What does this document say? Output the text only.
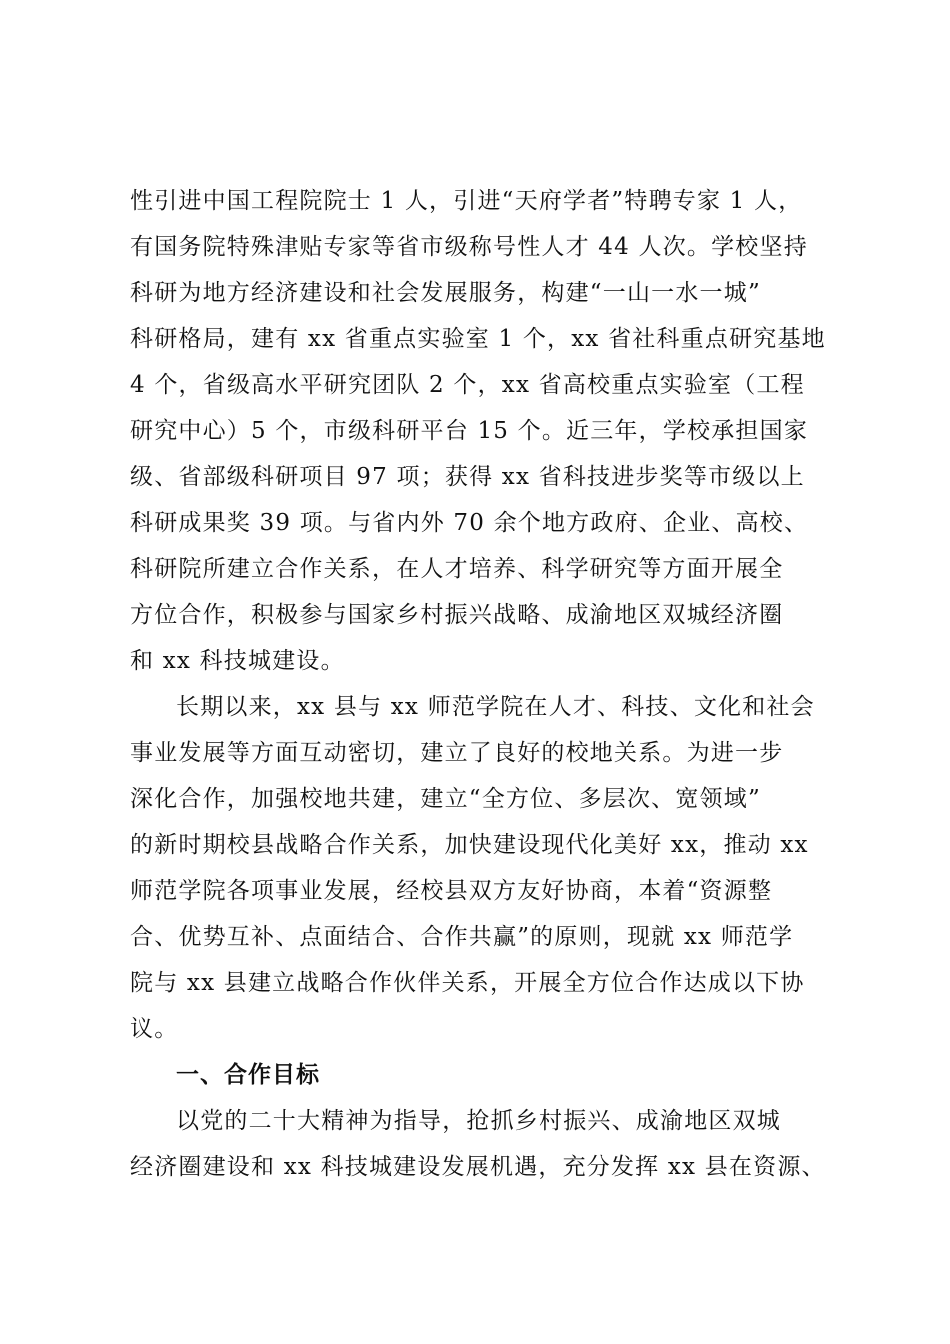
性引进中国工程院院士 1 人，引进“天府学者”特聘专家 1 人，
有国务院特殊津贴专家等省市级称号性人才 44 人次。学校坚持
科研为地方经济建设和社会发展服务，构建“一山一水一城”
科研格局，建有 xx 省重点实验室 1 个，xx 省社科重点研究基地
4 个，省级高水平研究团队 2 个，xx 省高校重点实验室（工程
研究中心）5 个，市级科研平台 15 个。近三年，学校承担国家
级、省部级科研项目 97 项；获得 xx 省科技进步奖等市级以上
科研成果奖 39 项。与省内外 70 余个地方政府、企业、高校、
科研院所建立合作关系，在人才培养、科学研究等方面开展全
方位合作，积极参与国家乡村振兴战略、成渝地区双城经济圈
和 xx 科技城建设。
长期以来，xx 县与 xx 师范学院在人才、科技、文化和社会
事业发展等方面互动密切，建立了良好的校地关系。为进一步
深化合作，加强校地共建，建立“全方位、多层次、宽领域”
的新时期校县战略合作关系，加快建设现代化美好 xx，推动 xx
师范学院各项事业发展，经校县双方友好协商，本着“资源整
合、优势互补、点面结合、合作共赢”的原则，现就 xx 师范学
院与 xx 县建立战略合作伙伴关系，开展全方位合作达成以下协
议。
一、合作目标
以党的二十大精神为指导，抢抓乡村振兴、成渝地区双城
经济圈建设和 xx 科技城建设发展机遇，充分发挥 xx 县在资源、
